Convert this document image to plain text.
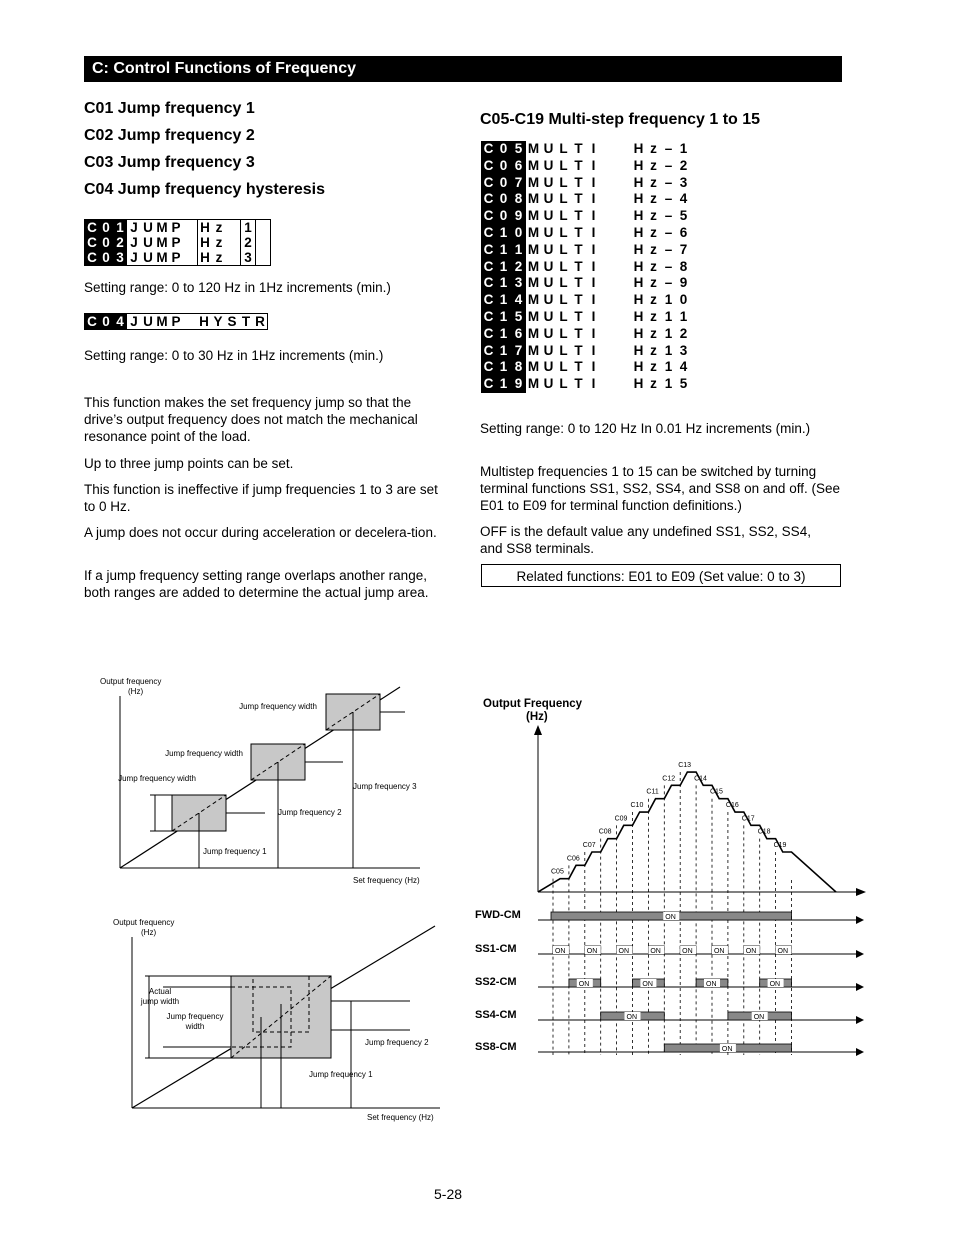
C: Control Functions of Frequency
C01 Jump frequency 1
C02 Jump frequency 2
C03 Jump frequency 3
C04 Jump frequency hysteresis
C	0	1	J	U	M	P		H	z		1	
C	0	2	J	U	M	P		H	z		2	
C	0	3	J	U	M	P		H	z		3	
Setting range: 0 to 120 Hz in 1Hz increments (min.)
C	0	4	J	U	M	P		H	Y	S	T	R
Setting range: 0 to 30 Hz in 1Hz increments (min.)
This function makes the set frequency jump so that the drive’s output frequency does not match the mechanical resonance point of the load.
Up to three jump points can be set.
This function is ineffective if jump frequencies 1 to 3 are set to 0 Hz.
A jump does not occur during acceleration or decelera-tion.
If a jump frequency setting range overlaps another range, both ranges are added to determine the actual jump area.
C05-C19 Multi-step frequency 1 to 15
C	0	5	M	U	L	T	I			H	z	–	1
C	0	6	M	U	L	T	I			H	z	–	2
C	0	7	M	U	L	T	I			H	z	–	3
C	0	8	M	U	L	T	I			H	z	–	4
C	0	9	M	U	L	T	I			H	z	–	5
C	1	0	M	U	L	T	I			H	z	–	6
C	1	1	M	U	L	T	I			H	z	–	7
C	1	2	M	U	L	T	I			H	z	–	8
C	1	3	M	U	L	T	I			H	z	–	9
C	1	4	M	U	L	T	I			H	z	1	0
C	1	5	M	U	L	T	I			H	z	1	1
C	1	6	M	U	L	T	I			H	z	1	2
C	1	7	M	U	L	T	I			H	z	1	3
C	1	8	M	U	L	T	I			H	z	1	4
C	1	9	M	U	L	T	I			H	z	1	5
Setting range: 0 to 120 Hz In 0.01 Hz increments (min.)
Multistep frequencies 1 to 15 can be switched by turning terminal functions SS1, SS2, SS4, and SS8 on and off. (See E01 to E09 for terminal function definitions.)
OFF is the default value any undefined SS1, SS2, SS4, and SS8 terminals.
Related functions: E01 to E09 (Set value: 0 to 3)
Output frequency
(Hz)
Jump frequency width
Jump frequency width
Jump frequency width
Jump frequency 3
Jump frequency 2
Jump frequency 1
Set frequency (Hz)
Output frequency
(Hz)
Actual jump width
Jump frequency width
Jump frequency 2
Jump frequency 1
Set frequency (Hz)
Output Frequency
(Hz)
C05
C06
C07
C08
C09
C10
C11
C12
C13
C14
C15
C16
C17
C18
C19
FWD-CM	ON
SS1-CM	ON	ON	ON	ON	ON	ON	ON	ON
SS2-CM	ON	ON	ON	ON
SS4-CM	ON	ON
SS8-CM	ON
5-28
